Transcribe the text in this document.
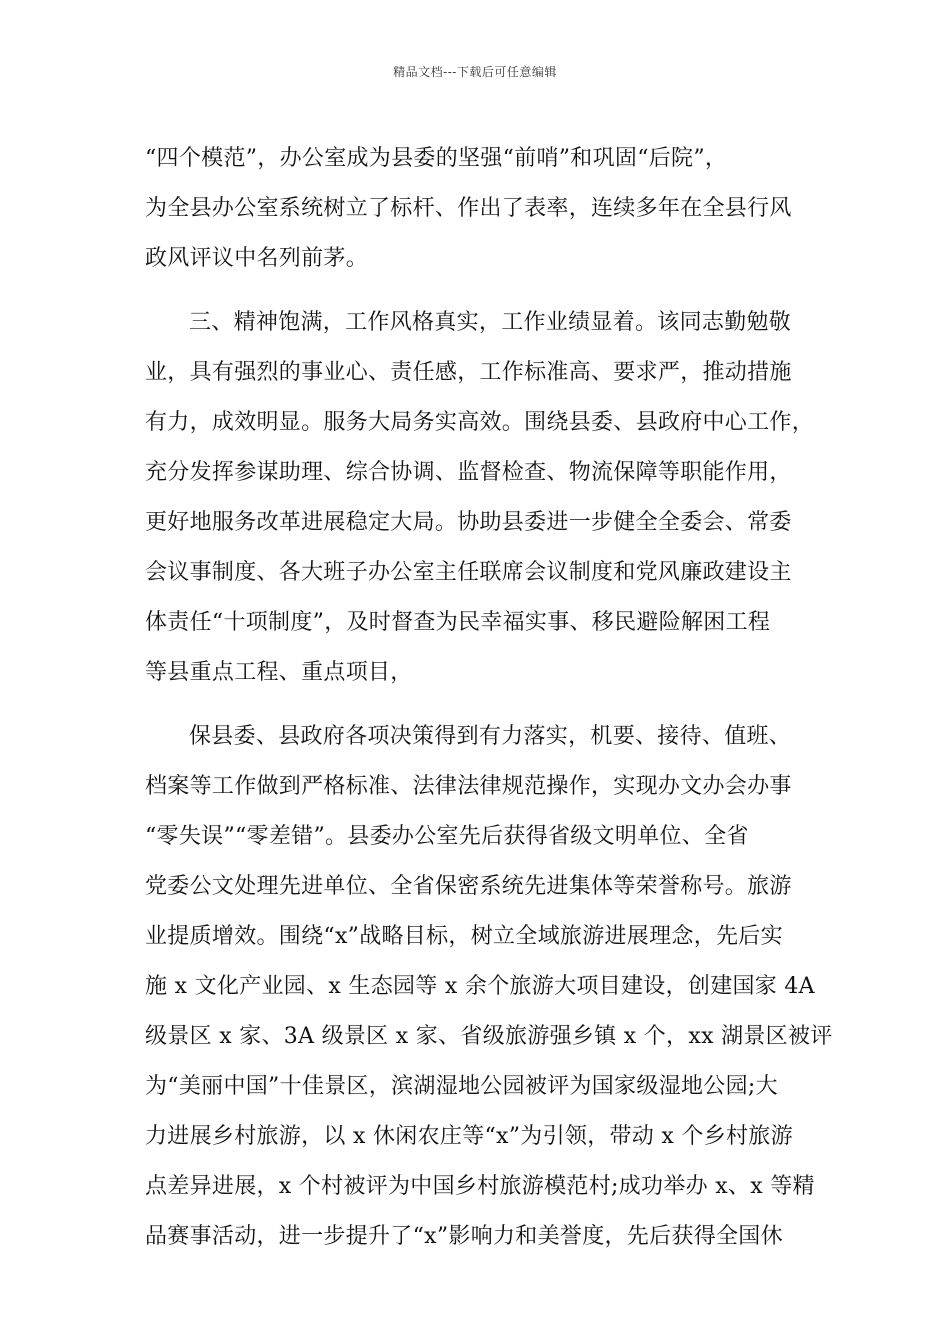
精品文档---下载后可任意编辑
“四个模范”，办公室成为县委的坚强“前哨”和巩固“后院”，
为全县办公室系统树立了标杆、作出了表率，连续多年在全县行风
政风评议中名列前茅。
三、精神饱满，工作风格真实，工作业绩显着。该同志勤勉敬
业，具有强烈的事业心、责任感，工作标准高、要求严，推动措施
有力，成效明显。服务大局务实高效。围绕县委、县政府中心工作，
充分发挥参谋助理、综合协调、监督检查、物流保障等职能作用，
更好地服务改革进展稳定大局。协助县委进一步健全全委会、常委
会议事制度、各大班子办公室主任联席会议制度和党风廉政建设主
体责任“十项制度”，及时督查为民幸福实事、移民避险解困工程
等县重点工程、重点项目，
保县委、县政府各项决策得到有力落实，机要、接待、值班、
档案等工作做到严格标准、法律法律规范操作，实现办文办会办事
“零失误”“零差错”。县委办公室先后获得省级文明单位、全省
党委公文处理先进单位、全省保密系统先进集体等荣誉称号。旅游
业提质增效。围绕“x”战略目标，树立全域旅游进展理念，先后实
施 x 文化产业园、x 生态园等 x 余个旅游大项目建设，创建国家 4A
级景区 x 家、3A 级景区 x 家、省级旅游强乡镇 x 个，xx 湖景区被评
为“美丽中国”十佳景区，滨湖湿地公园被评为国家级湿地公园;大
力进展乡村旅游，以 x 休闲农庄等“x”为引领，带动 x 个乡村旅游
点差异进展，x 个村被评为中国乡村旅游模范村;成功举办 x、x 等精
品赛事活动，进一步提升了“x”影响力和美誉度，先后获得全国休
